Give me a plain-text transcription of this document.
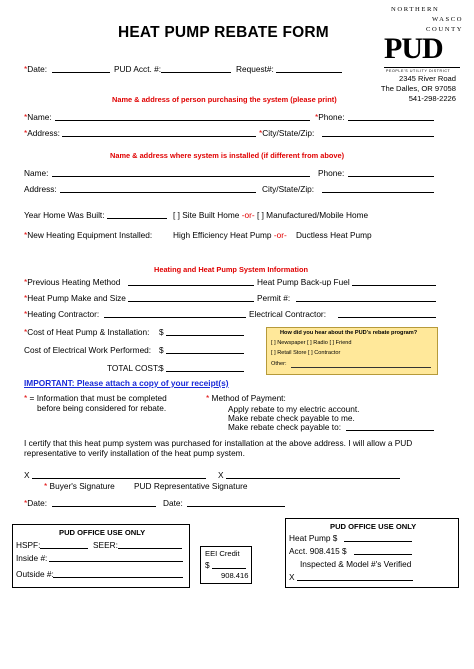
HEAT PUMP REBATE FORM
NORTHERN
WASCO
COUNTY
PUD
PEOPLE'S UTILITY DISTRICT
2345 River Road
The Dalles, OR 97058
541-298-2226
*Date:	PUD Acct. #:	Request#:
Name & address of person purchasing the system (please print)
*Name:	*Phone:
*Address:	*City/State/Zip:
Name & address where system is installed (if different from above)
Name:	Phone:
Address:	City/State/Zip:
Year Home Was Built:	[ ] Site Built Home -or- [ ] Manufactured/Mobile Home
*New Heating Equipment Installed:	High Efficiency Heat Pump -or- Ductless Heat Pump
Heating and Heat Pump System Information
*Previous Heating Method	Heat Pump Back-up Fuel
*Heat Pump Make and Size	Permit #:
*Heating Contractor:	Electrical Contractor:
*Cost of Heat Pump & Installation: $
Cost of Electrical Work Performed: $
TOTAL COST: $
How did you hear about the PUD's rebate program?
[ ] Newspaper [ ] Radio [ ] Friend
[ ] Retail Store [ ] Contractor
Other:
IMPORTANT: Please attach a copy of your receipt(s)
* = Information that must be completed
before being considered for rebate.
* Method of Payment:
Apply rebate to my electric account.
Make rebate check payable to me.
Make rebate check payable to:
I certify that this heat pump system was purchased for installation at the above address. I will allow a PUD
representative to verify installation of the heat pump system.
X	X
* Buyer's Signature PUD Representative Signature
*Date:	Date:
PUD OFFICE USE ONLY
HSPF:	SEER:
Inside #:
Outside #:
EEI Credit
$
908.416
PUD OFFICE USE ONLY
Heat Pump $
Acct. 908.415 $
Inspected & Model #'s Verified
X
